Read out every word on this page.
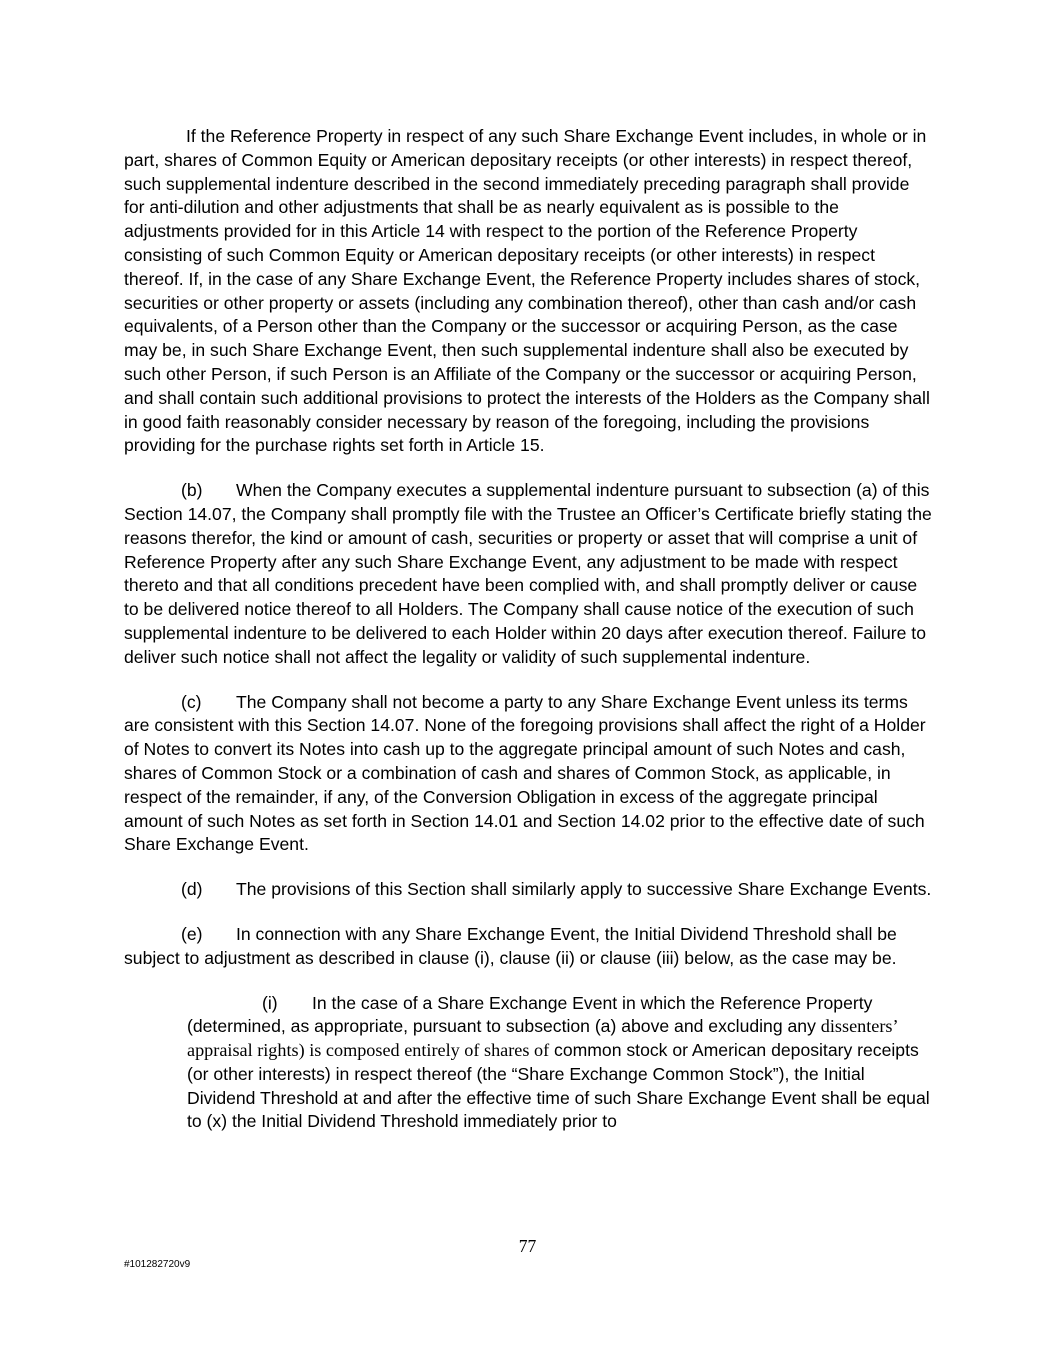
If the Reference Property in respect of any such Share Exchange Event includes, in whole or in part, shares of Common Equity or American depositary receipts (or other interests) in respect thereof, such supplemental indenture described in the second immediately preceding paragraph shall provide for anti-dilution and other adjustments that shall be as nearly equivalent as is possible to the adjustments provided for in this Article 14 with respect to the portion of the Reference Property consisting of such Common Equity or American depositary receipts (or other interests) in respect thereof. If, in the case of any Share Exchange Event, the Reference Property includes shares of stock, securities or other property or assets (including any combination thereof), other than cash and/or cash equivalents, of a Person other than the Company or the successor or acquiring Person, as the case may be, in such Share Exchange Event, then such supplemental indenture shall also be executed by such other Person, if such Person is an Affiliate of the Company or the successor or acquiring Person, and shall contain such additional provisions to protect the interests of the Holders as the Company shall in good faith reasonably consider necessary by reason of the foregoing, including the provisions providing for the purchase rights set forth in Article 15.

(b) When the Company executes a supplemental indenture pursuant to subsection (a) of this Section 14.07, the Company shall promptly file with the Trustee an Officer’s Certificate briefly stating the reasons therefor, the kind or amount of cash, securities or property or asset that will comprise a unit of Reference Property after any such Share Exchange Event, any adjustment to be made with respect thereto and that all conditions precedent have been complied with, and shall promptly deliver or cause to be delivered notice thereof to all Holders. The Company shall cause notice of the execution of such supplemental indenture to be delivered to each Holder within 20 days after execution thereof. Failure to deliver such notice shall not affect the legality or validity of such supplemental indenture.

(c) The Company shall not become a party to any Share Exchange Event unless its terms are consistent with this Section 14.07. None of the foregoing provisions shall affect the right of a Holder of Notes to convert its Notes into cash up to the aggregate principal amount of such Notes and cash, shares of Common Stock or a combination of cash and shares of Common Stock, as applicable, in respect of the remainder, if any, of the Conversion Obligation in excess of the aggregate principal amount of such Notes as set forth in Section 14.01 and Section 14.02 prior to the effective date of such Share Exchange Event.

(d) The provisions of this Section shall similarly apply to successive Share Exchange Events.

(e) In connection with any Share Exchange Event, the Initial Dividend Threshold shall be subject to adjustment as described in clause (i), clause (ii) or clause (iii) below, as the case may be.

(i) In the case of a Share Exchange Event in which the Reference Property (determined, as appropriate, pursuant to subsection (a) above and excluding any dissenters’ appraisal rights) is composed entirely of shares of common stock or American depositary receipts (or other interests) in respect thereof (the “Share Exchange Common Stock”), the Initial Dividend Threshold at and after the effective time of such Share Exchange Event shall be equal to (x) the Initial Dividend Threshold immediately prior to

77
#101282720v9
